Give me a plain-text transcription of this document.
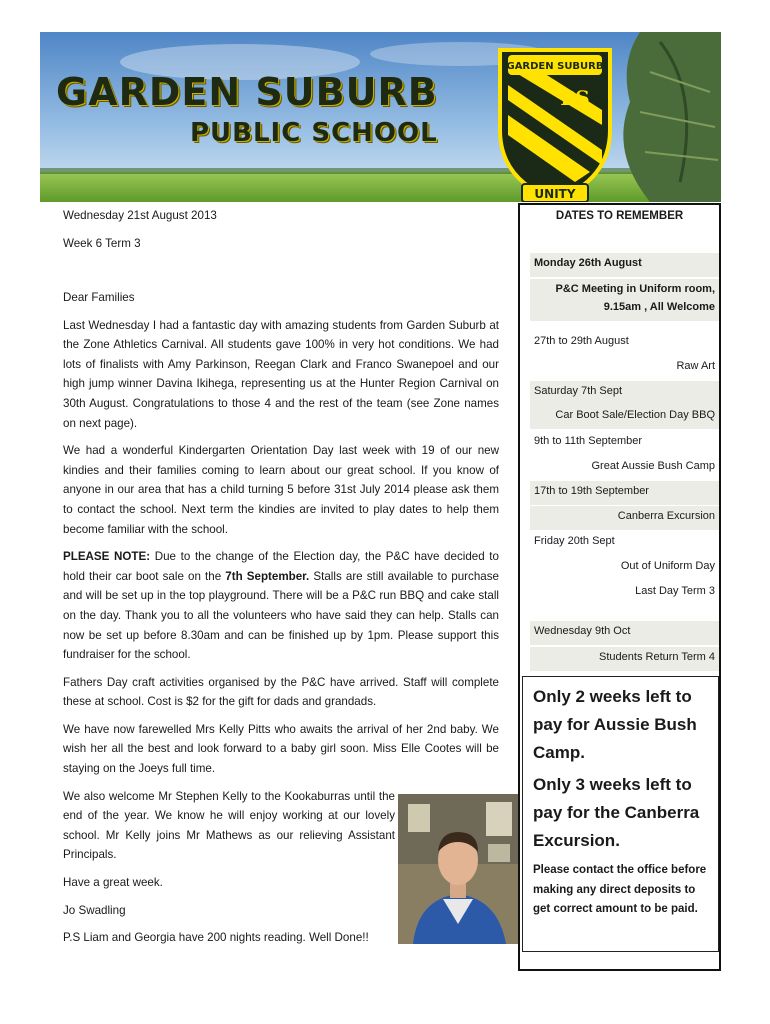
GARDEN SUBURB
PS
UNITY
GARDEN SUBURB
PUBLIC SCHOOL
Wednesday 21st August 2013
Week 6 Term 3

Dear Families

Last Wednesday I had a fantastic day with amazing students from Garden Suburb at the Zone Athletics Carnival. All students gave 100% in very hot conditions. We had lots of finalists with Amy Parkinson, Reegan Clark and Franco Swanepoel and our high jump winner Davina Ikihega, representing us at the Hunter Region Carnival on 30th August. Congratulations to those 4 and the rest of the team (see Zone names on next page).

We had a wonderful Kindergarten Orientation Day last week with 19 of our new kindies and their families coming to learn about our great school. If you know of anyone in our area that has a child turning 5 before 31st July 2014 please ask them to contact the school. Next term the kindies are invited to play dates to help them become familiar with the school.

PLEASE NOTE: Due to the change of the Election day, the P&C have decided to hold their car boot sale on the 7th September. Stalls are still available to purchase and will be set up in the top playground. There will be a P&C run BBQ and cake stall on the day. Thank you to all the volunteers who have said they can help. Stalls can now be set up before 8.30am and can be finished up by 1pm. Please support this fundraiser for the school.

Fathers Day craft activities organised by the P&C have arrived. Staff will complete these at school. Cost is $2 for the gift for dads and grandads.

We have now farewelled Mrs Kelly Pitts who awaits the arrival of her 2nd baby. We wish her all the best and look forward to a baby girl soon. Miss Elle Cootes will be staying on the Joeys full time.

We also welcome Mr Stephen Kelly to the Kookaburras until the end of the year. We know he will enjoy working at our lovely school. Mr Kelly joins Mr Mathews as our relieving Assistant Principals.

Have a great week.

Jo Swadling

P.S Liam and Georgia have 200 nights reading. Well Done!!

DATES TO REMEMBER
Monday 26th August
P&C Meeting in Uniform room,
9.15am , All Welcome
27th to 29th August
Raw Art
Saturday 7th Sept
Car Boot Sale/Election Day BBQ
9th to 11th September
Great Aussie Bush Camp
17th to 19th September
Canberra Excursion
Friday 20th Sept
Out of Uniform Day
Last Day Term 3
Wednesday 9th Oct
Students Return Term 4

Only 2 weeks left to pay for Aussie Bush Camp.

Only 3 weeks left to pay for the Canberra Excursion.

Please contact the office before making any direct deposits to get correct amount to be paid.
